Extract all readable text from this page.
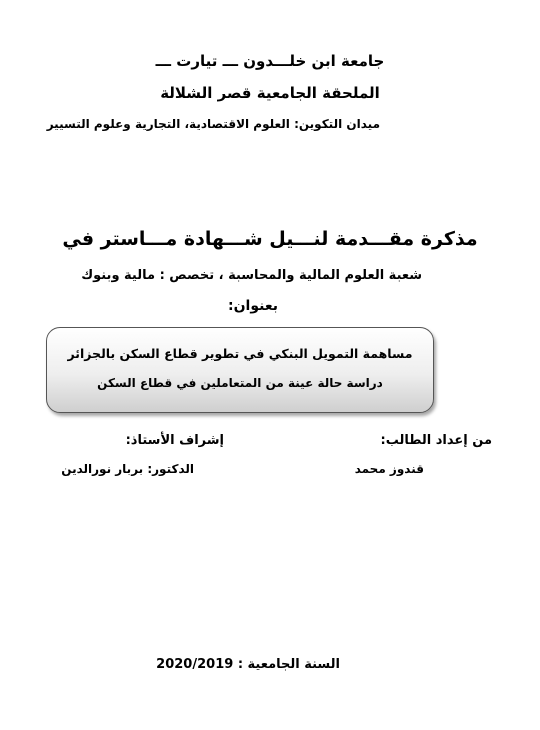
جامعة ابن خلـــدون ـــ تيارت ـــ
الملحقة الجامعية قصر الشلالة
ميدان التكوين: العلوم الاقتصادية، التجارية وعلوم التسيير
مذكرة مقـــدمة لنـــيل شـــهادة مـــاستر في
شعبة العلوم المالية والمحاسبة ، تخصص : مالية وبنوك
بعنوان:
مساهمة التمويل البنكي في تطوير قطاع السكن بالجزائر
دراسة حالة عينة من المتعاملين في قطاع السكن
من إعداد الطالب:
إشراف الأستاذ:
قندوز محمد
الدكتور: بربار نورالدين
السنة الجامعية : 2020/2019
